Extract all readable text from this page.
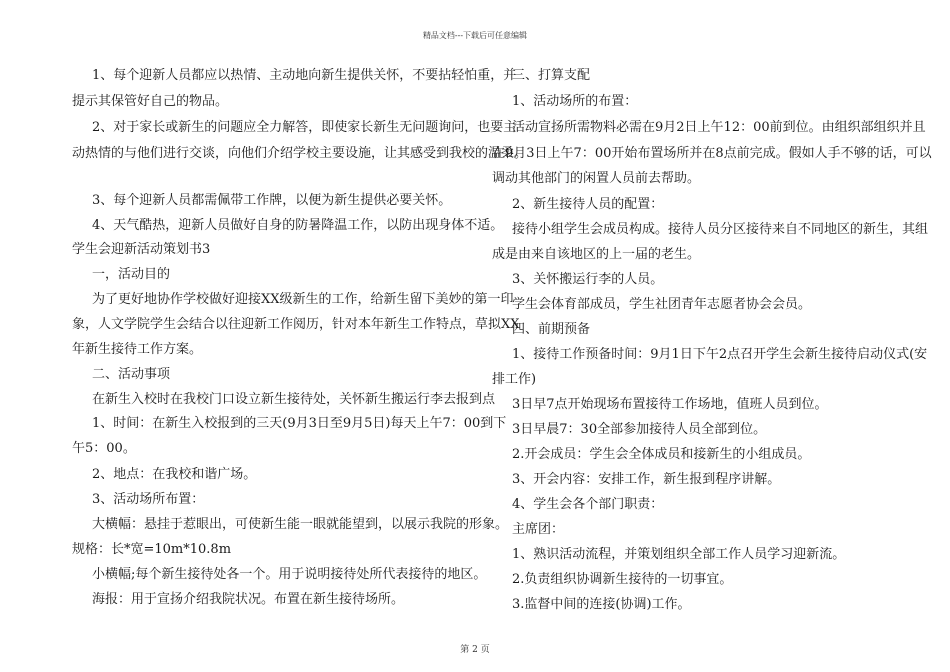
精品文档---下载后可任意编辑
1、每个迎新人员都应以热情、主动地向新生提供关怀，不要拈轻怕重，并
提示其保管好自己的物品。
2、对于家长或新生的问题应全力解答，即使家长新生无问题询问，也要主
动热情的与他们进行交谈，向他们介绍学校主要设施，让其感受到我校的温柔。
3、每个迎新人员都需佩带工作牌，以便为新生提供必要关怀。
4、天气酷热，迎新人员做好自身的防暑降温工作，以防出现身体不适。
学生会迎新活动策划书3
一，活动目的
为了更好地协作学校做好迎接XX级新生的工作，给新生留下美妙的第一印
象，人文学院学生会结合以往迎新工作阅历，针对本年新生工作特点，草拟XX
年新生接待工作方案。
二、活动事项
在新生入校时在我校门口设立新生接待处，关怀新生搬运行李去报到点
1、时间：在新生入校报到的三天(9月3日至9月5日)每天上午7：00到下
午5：00。
2、地点：在我校和谐广场。
3、活动场所布置：
大横幅：悬挂于惹眼出，可使新生能一眼就能望到，以展示我院的形象。
规格：长*宽=10m*10.8m
小横幅;每个新生接待处各一个。用于说明接待处所代表接待的地区。
海报：用于宣扬介绍我院状况。布置在新生接待场所。
三、打算支配
1、活动场所的布置：
活动宣扬所需物料必需在9月2日上午12：00前到位。由组织部组织并且
在9月3日上午7：00开始布置场所并在8点前完成。假如人手不够的话，可以
调动其他部门的闲置人员前去帮助。
2、新生接待人员的配置：
接待小组学生会成员构成。接待人员分区接待来自不同地区的新生，其组
成是由来自该地区的上一届的老生。
3、关怀搬运行李的人员。
学生会体育部成员，学生社团青年志愿者协会会员。
四、前期预备
1、接待工作预备时间：9月1日下午2点召开学生会新生接待启动仪式(安
排工作)
3日早7点开始现场布置接待工作场地，值班人员到位。
3日早晨7：30全部参加接待人员全部到位。
2.开会成员：学生会全体成员和接新生的小组成员。
3、开会内容：安排工作，新生报到程序讲解。
4、学生会各个部门职责：
主席团：
1、熟识活动流程，并策划组织全部工作人员学习迎新流。
2.负责组织协调新生接待的一切事宜。
3.监督中间的连接(协调)工作。
第 2 页
